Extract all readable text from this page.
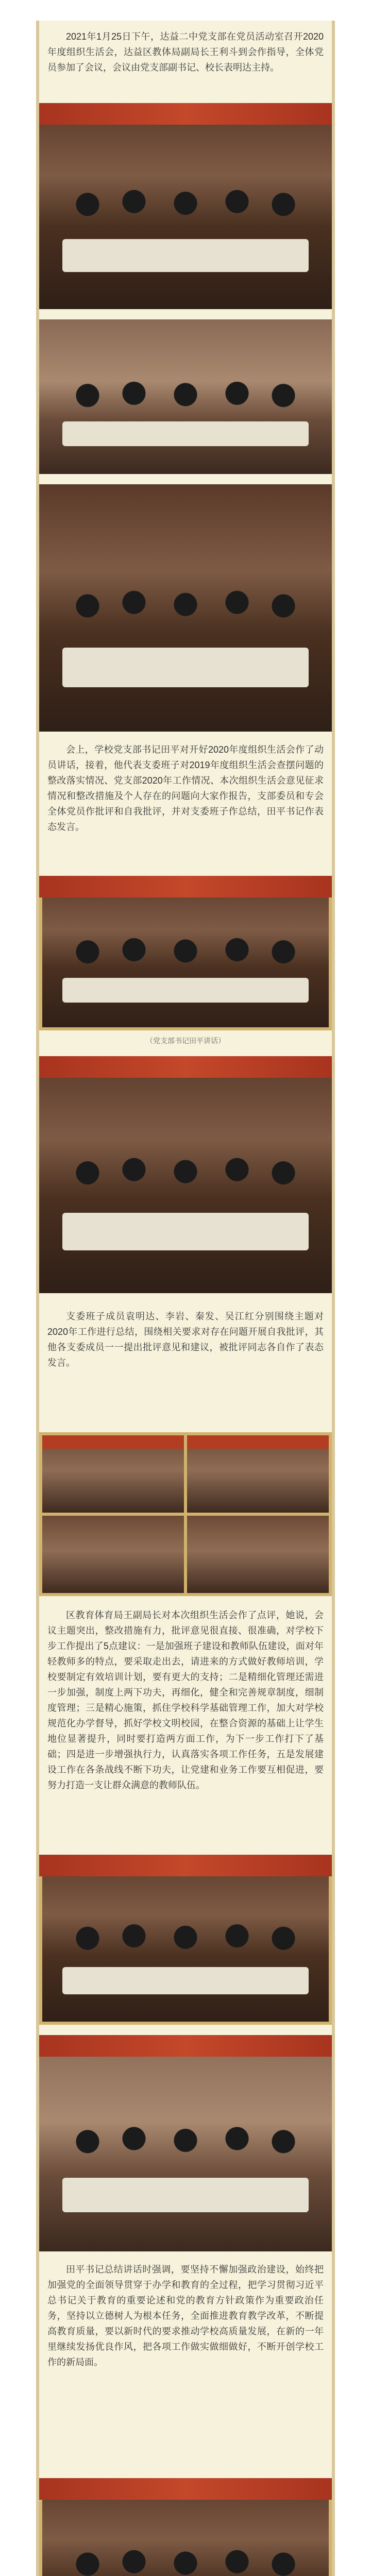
2021年1月25日下午，达益二中党支部在党员活动室召开2020年度组织生活会，达益区教体局副局长王利斗到会作指导，全体党员参加了会议，会议由党支部副书记、校长表明达主持。

会上，学校党支部书记田平对开好2020年度组织生活会作了动员讲话，接着，他代表支委班子对2019年度组织生活会查摆问题的整改落实情况、党支部2020年工作情况、本次组织生活会意见征求情况和整改措施及个人存在的问题向大家作报告，支部委员和专会全体党员作批评和自我批评，并对支委班子作总结，田平书记作表态发言。

（党支部书记田平讲话）

支委班子成员袁明达、李岩、秦发、吴江红分别围绕主题对2020年工作进行总结，围绕相关要求对存在问题开展自我批评，其他各支委成员一一提出批评意见和建议，被批评同志各自作了表态发言。

区教育体育局王副局长对本次组织生活会作了点评，她说，会议主题突出，整改措施有力，批评意见很直接、很准确，对学校下步工作提出了5点建议：一是加强班子建设和教师队伍建设，面对年轻教师多的特点，要采取走出去，请进来的方式做好教师培训，学校要制定有效培训计划，要有更大的支持；二是精细化管理还需进一步加强，制度上两下功夫，再细化，健全和完善规章制度，细制度管理；三是精心施策，抓住学校科学基础管理工作，加大对学校规范化办学督导，抓好学校文明校园，在整合资源的基础上让学生地位显著提升，同时要打造两方面工作，为下一步工作打下了基础；四是进一步增强执行力，认真落实各项工作任务，五是发展建设工作在各条战线不断下功夫，让党建和业务工作要互相促进，要努力打造一支让群众满意的教师队伍。

田平书记总结讲话时强调，要坚持不懈加强政治建设，始终把加强党的全面领导贯穿于办学和教育的全过程，把学习贯彻习近平总书记关于教育的重要论述和党的教育方针政策作为重要政治任务，坚持以立德树人为根本任务，全面推进教育教学改革，不断提高教育质量，要以新时代的要求推动学校高质量发展，在新的一年里继续发扬优良作风，把各项工作做实做细做好，不断开创学校工作的新局面。
